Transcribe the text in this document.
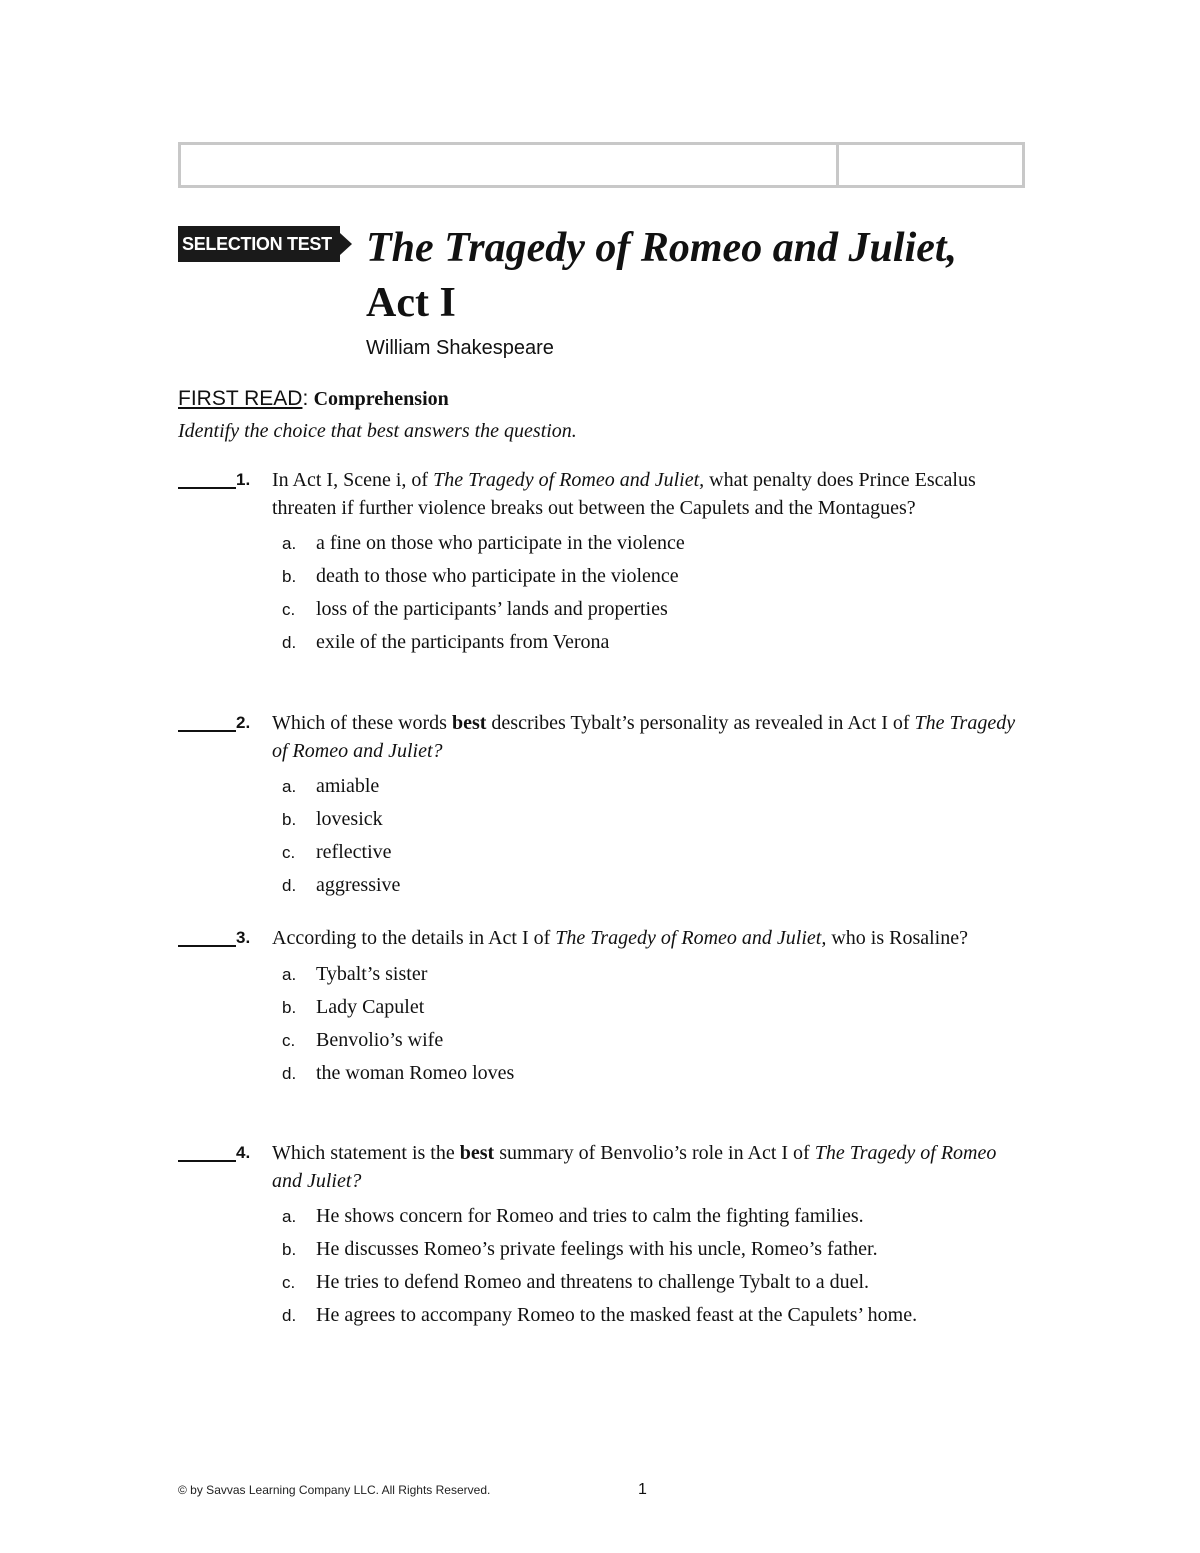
SELECTION TEST The Tragedy of Romeo and Juliet,
Act I
William Shakespeare
FIRST READ: Comprehension
Identify the choice that best answers the question.
1.	In Act I, Scene i, of The Tragedy of Romeo and Juliet, what penalty does Prince Escalus threaten if further violence breaks out between the Capulets and the Montagues?
a. a fine on those who participate in the violence
b. death to those who participate in the violence
c.	loss of the participants’ lands and properties
d. exile of the participants from Verona
2.	Which of these words best describes Tybalt’s personality as revealed in Act I of The Tragedy of Romeo and Juliet?
a. amiable
b. lovesick
c.	reflective
d. aggressive
3.	According to the details in Act I of The Tragedy of Romeo and Juliet, who is Rosaline?
a. Tybalt’s sister
b. Lady Capulet
c.	Benvolio’s wife
d. the woman Romeo loves
4.	Which statement is the best summary of Benvolio’s role in Act I of The Tragedy of Romeo and Juliet?
a. He shows concern for Romeo and tries to calm the fighting families.
b. He discusses Romeo’s private feelings with his uncle, Romeo’s father.
c.	He tries to defend Romeo and threatens to challenge Tybalt to a duel.
d. He agrees to accompany Romeo to the masked feast at the Capulets’ home.
© by Savvas Learning Company LLC. All Rights Reserved.	1
